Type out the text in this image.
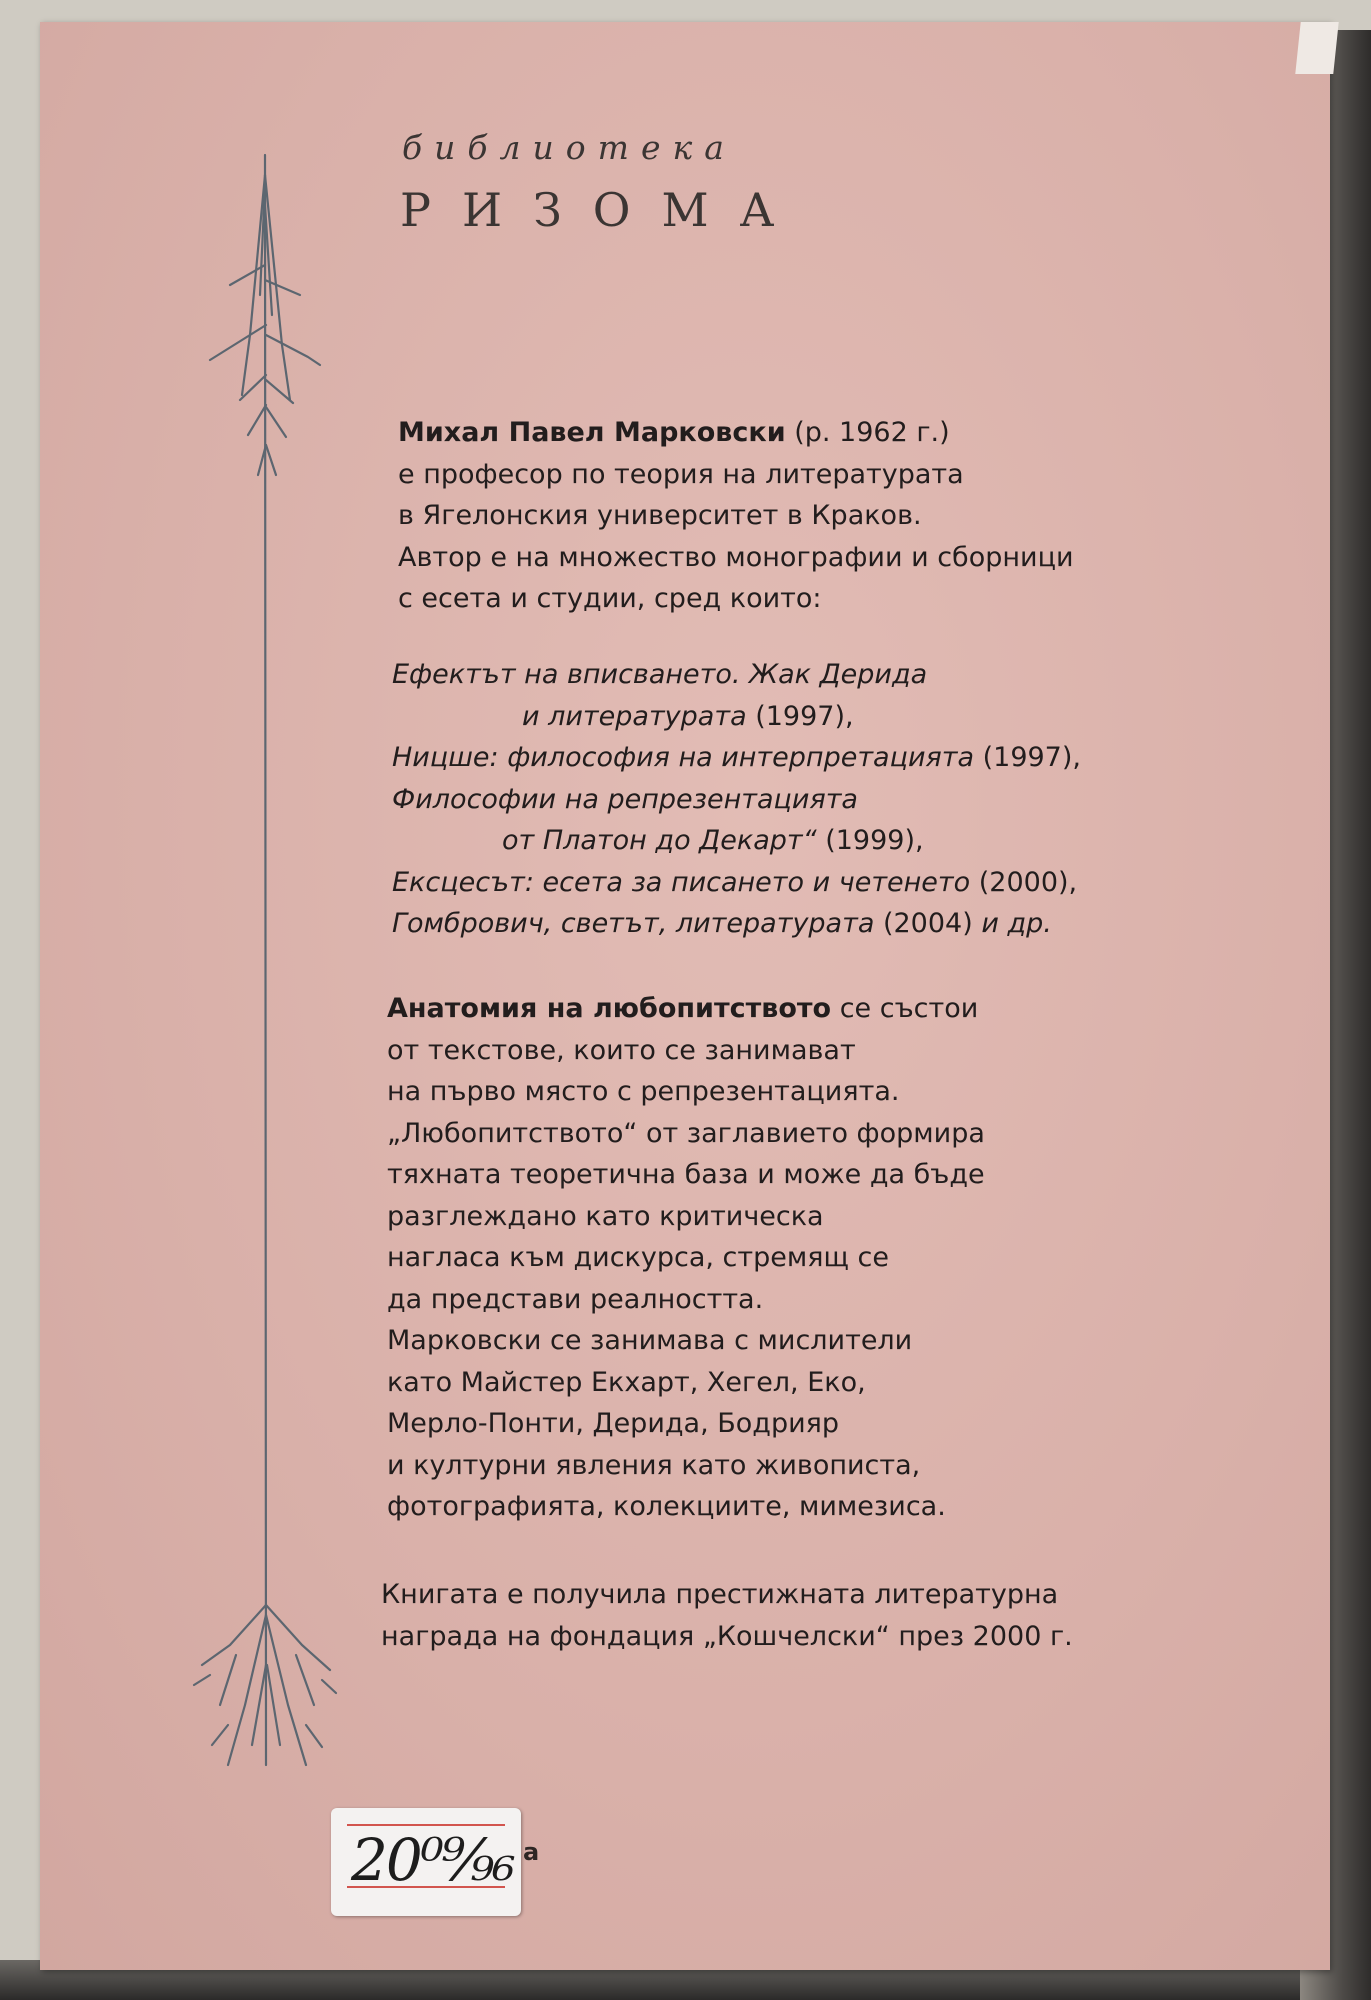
библиотека
РИЗОМА

Михал Павел Марковски (р. 1962 г.)

е професор по теория на литературата

в Ягелонския университет в Краков.

Автор е на множество монографии и сборници

с есета и студии, сред които:

Ефектът на вписването. Жак Дерида

и литературата (1997),

Ницше: философия на интерпретацията (1997),

Философии на репрезентацията

от Платон до Декарт“ (1999),

Ексцесът: есета за писането и четенето (2000),

Гомбрович, светът, литературата (2004) и др.

Анатомия на любопитството се състои

от текстове, които се занимават

на първо място с репрезентацията.

„Любопитството“ от заглавието формира

тяхната теоретична база и може да бъде

разглеждано като критическа

нагласа към дискурса, стремящ се

да представи реалността.

Марковски се занимава с мислители

като Майстер Екхарт, Хегел, Еко,

Мерло-Понти, Дерида, Бодрияр

и културни явления като живописта,

фотографията, колекциите, мимезиса.

Книгата е получила престижната литературна

награда на фондация „Кошчелски“ през 2000 г.

20⁰⁹⁄₉₆ а
